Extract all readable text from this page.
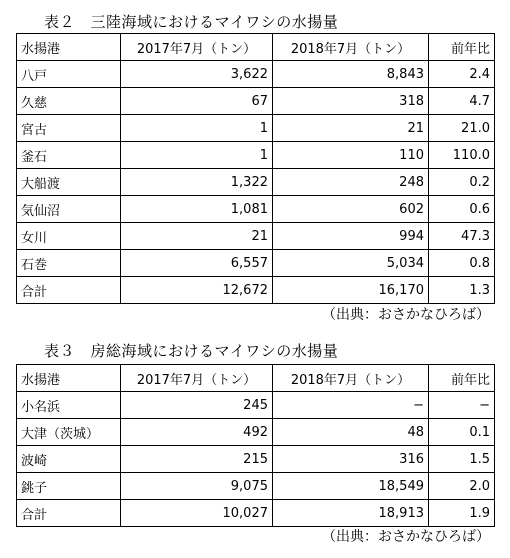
表２　三陸海域におけるマイワシの水揚量
水揚港	2017年7月（トン）	2018年7月（トン）	前年比
八戸	3,622	8,843	2.4
久慈	67	318	4.7
宮古	1	21	21.0
釜石	1	110	110.0
大船渡	1,322	248	0.2
気仙沼	1,081	602	0.6
女川	21	994	47.3
石巻	6,557	5,034	0.8
合計	12,672	16,170	1.3
（出典：おさかなひろば）
表３　房総海域におけるマイワシの水揚量
水揚港	2017年7月（トン）	2018年7月（トン）	前年比
小名浜	245	−	−
大津（茨城）	492	48	0.1
波崎	215	316	1.5
銚子	9,075	18,549	2.0
合計	10,027	18,913	1.9
（出典：おさかなひろば）
